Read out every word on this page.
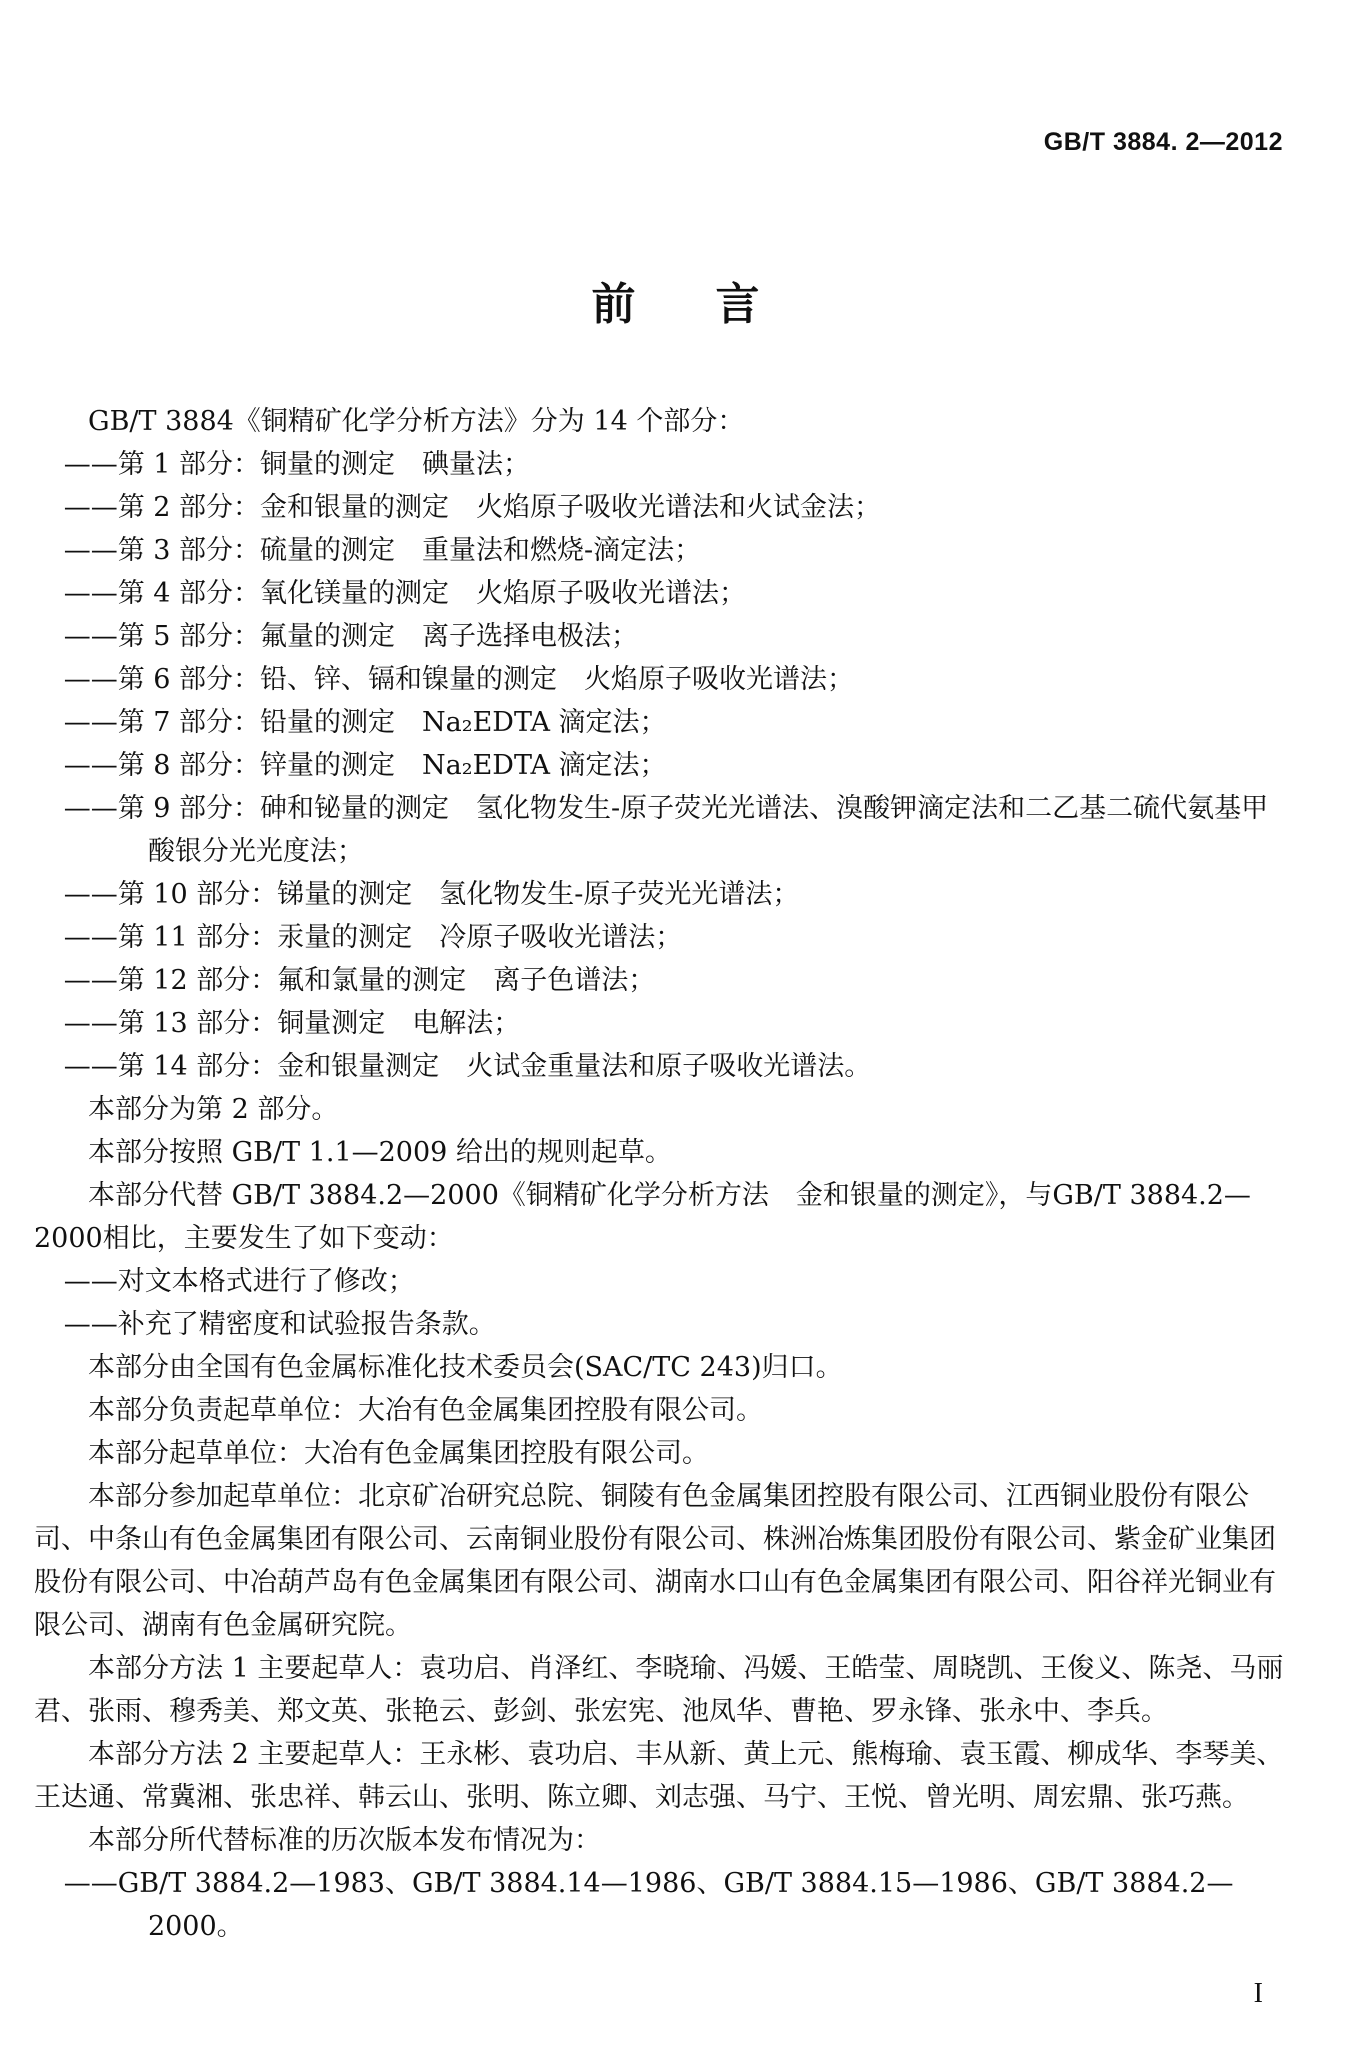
GB/T 3884. 2—2012
前言

GB/T 3884《铜精矿化学分析方法》分为 14 个部分：

——第 1 部分：铜量的测定　碘量法；

——第 2 部分：金和银量的测定　火焰原子吸收光谱法和火试金法；

——第 3 部分：硫量的测定　重量法和燃烧-滴定法；

——第 4 部分：氧化镁量的测定　火焰原子吸收光谱法；

——第 5 部分：氟量的测定　离子选择电极法；

——第 6 部分：铅、锌、镉和镍量的测定　火焰原子吸收光谱法；

——第 7 部分：铅量的测定　Na₂EDTA 滴定法；

——第 8 部分：锌量的测定　Na₂EDTA 滴定法；

——第 9 部分：砷和铋量的测定　氢化物发生-原子荧光光谱法、溴酸钾滴定法和二乙基二硫代氨基甲酸银分光光度法；

——第 10 部分：锑量的测定　氢化物发生-原子荧光光谱法；

——第 11 部分：汞量的测定　冷原子吸收光谱法；

——第 12 部分：氟和氯量的测定　离子色谱法；

——第 13 部分：铜量测定　电解法；

——第 14 部分：金和银量测定　火试金重量法和原子吸收光谱法。

本部分为第 2 部分。

本部分按照 GB/T 1.1—2009 给出的规则起草。

本部分代替 GB/T 3884.2—2000《铜精矿化学分析方法　金和银量的测定》，与GB/T 3884.2—2000相比，主要发生了如下变动：

——对文本格式进行了修改；

——补充了精密度和试验报告条款。

本部分由全国有色金属标准化技术委员会(SAC/TC 243)归口。

本部分负责起草单位：大冶有色金属集团控股有限公司。

本部分起草单位：大冶有色金属集团控股有限公司。

本部分参加起草单位：北京矿冶研究总院、铜陵有色金属集团控股有限公司、江西铜业股份有限公司、中条山有色金属集团有限公司、云南铜业股份有限公司、株洲冶炼集团股份有限公司、紫金矿业集团股份有限公司、中冶葫芦岛有色金属集团有限公司、湖南水口山有色金属集团有限公司、阳谷祥光铜业有限公司、湖南有色金属研究院。

本部分方法 1 主要起草人：袁功启、肖泽红、李晓瑜、冯媛、王皓莹、周晓凯、王俊义、陈尧、马丽君、张雨、穆秀美、郑文英、张艳云、彭剑、张宏宪、池凤华、曹艳、罗永锋、张永中、李兵。

本部分方法 2 主要起草人：王永彬、袁功启、丰从新、黄上元、熊梅瑜、袁玉霞、柳成华、李琴美、王达通、常冀湘、张忠祥、韩云山、张明、陈立卿、刘志强、马宁、王悦、曾光明、周宏鼎、张巧燕。

本部分所代替标准的历次版本发布情况为：

——GB/T 3884.2—1983、GB/T 3884.14—1986、GB/T 3884.15—1986、GB/T 3884.2—2000。

I
